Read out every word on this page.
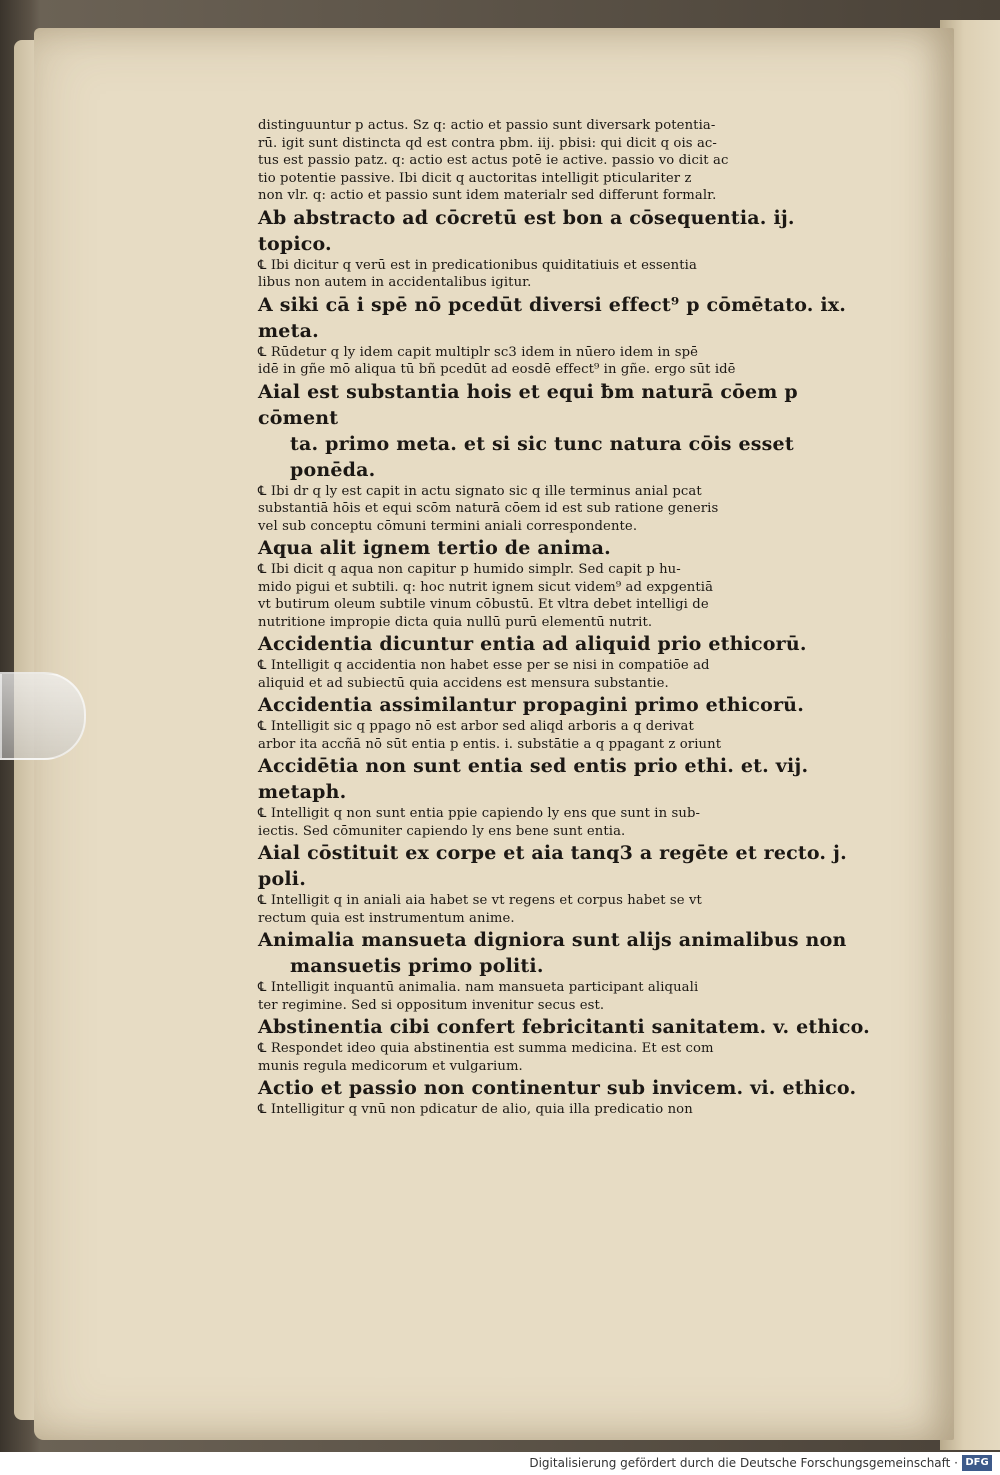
distinguuntur p actus. Sz q: actio et passio sunt diversark potentia-
rū. igit sunt distincta qd est contra pbm. iij. pbisi: qui dicit q ois ac-
tus est passio patz. q: actio est actus potē ie active. passio vo dicit ac
tio potentie passive. Ibi dicit q auctoritas intelligit pticulariter z
non vlr. q: actio et passio sunt idem materialr sed differunt formalr.
Ab abstracto ad cōcretū est bon a cōsequentia. ij. topico.
℄ Ibi dicitur q verū est in predicationibus quiditatiuis et essentia
libus non autem in accidentalibus igitur.
A siki cā i spē nō pcedūt diversi effect⁹ p cōmētato. ix. meta.
℄ Rūdetur q ly idem capit multiplr sc3 idem in nūero idem in spē
idē in gñe mō aliqua tū bñ pcedūt ad eosdē effect⁹ in gñe. ergo sūt idē
Aial est substantia hois et equi ƀm naturā cōem p cōment
ta. primo meta. et si sic tunc natura cōis esset ponēda.
℄ Ibi dr q ly est capit in actu signato sic q ille terminus anial pcat
substantiā hōis et equi scōm naturā cōem id est sub ratione generis
vel sub conceptu cōmuni termini aniali correspondente.
Aqua alit ignem tertio de anima.
℄ Ibi dicit q aqua non capitur p humido simplr. Sed capit p hu-
mido pigui et subtili. q: hoc nutrit ignem sicut videm⁹ ad expgentiā
vt butirum oleum subtile vinum cōbustū. Et vltra debet intelligi de
nutritione impropie dicta quia nullū purū elementū nutrit.
Accidentia dicuntur entia ad aliquid prio ethicorū.
℄ Intelligit q accidentia non habet esse per se nisi in compatiōe ad
aliquid et ad subiectū quia accidens est mensura substantie.
Accidentia assimilantur propagini primo ethicorū.
℄ Intelligit sic q ppago nō est arbor sed aliqd arboris a q derivat
arbor ita accñā nō sūt entia p entis. i. substātie a q ppagant z oriunt
Accidētia non sunt entia sed entis prio ethi. et. vij. metaph.
℄ Intelligit q non sunt entia ppie capiendo ly ens que sunt in sub-
iectis. Sed cōmuniter capiendo ly ens bene sunt entia.
Aial cōstituit ex corpe et aia tanq3 a regēte et recto. j. poli.
℄ Intelligit q in aniali aia habet se vt regens et corpus habet se vt
rectum quia est instrumentum anime.
Animalia mansueta digniora sunt alijs animalibus non
mansuetis primo politi.
℄ Intelligit inquantū animalia. nam mansueta participant aliquali
ter regimine. Sed si oppositum invenitur secus est.
Abstinentia cibi confert febricitanti sanitatem. v. ethico.
℄ Respondet ideo quia abstinentia est summa medicina. Et est com
munis regula medicorum et vulgarium.
Actio et passio non continentur sub invicem. vi. ethico.
℄ Intelligitur q vnū non pdicatur de alio, quia illa predicatio non
Digitalisierung gefördert durch die Deutsche Forschungsgemeinschaft · DFG
